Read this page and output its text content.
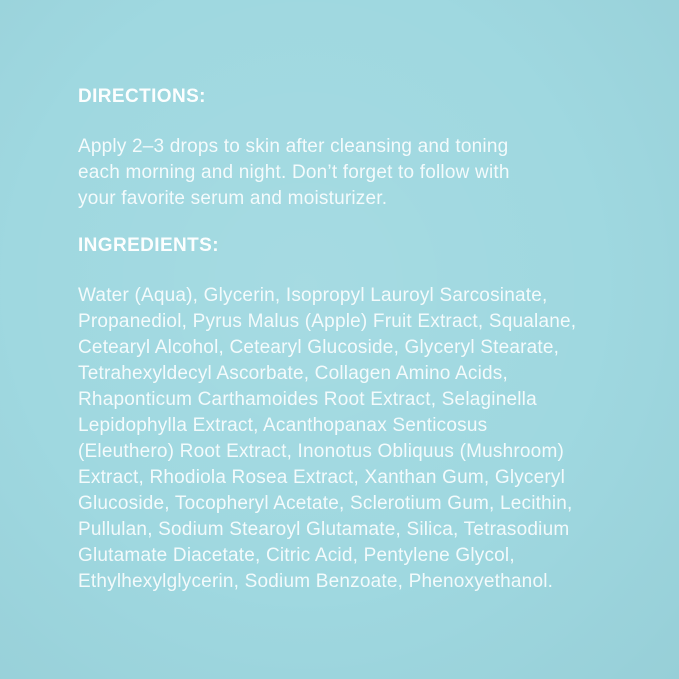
DIRECTIONS:

Apply 2–3 drops to skin after cleansing and toning
each morning and night. Don’t forget to follow with
your favorite serum and moisturizer.

INGREDIENTS:

Water (Aqua), Glycerin, Isopropyl Lauroyl Sarcosinate,
Propanediol, Pyrus Malus (Apple) Fruit Extract, Squalane,
Cetearyl Alcohol, Cetearyl Glucoside, Glyceryl Stearate,
Tetrahexyldecyl Ascorbate, Collagen Amino Acids,
Rhaponticum Carthamoides Root Extract, Selaginella
Lepidophylla Extract, Acanthopanax Senticosus
(Eleuthero) Root Extract, Inonotus Obliquus (Mushroom)
Extract, Rhodiola Rosea Extract, Xanthan Gum, Glyceryl
Glucoside, Tocopheryl Acetate, Sclerotium Gum, Lecithin,
Pullulan, Sodium Stearoyl Glutamate, Silica, Tetrasodium
Glutamate Diacetate, Citric Acid, Pentylene Glycol,
Ethylhexylglycerin, Sodium Benzoate, Phenoxyethanol.
